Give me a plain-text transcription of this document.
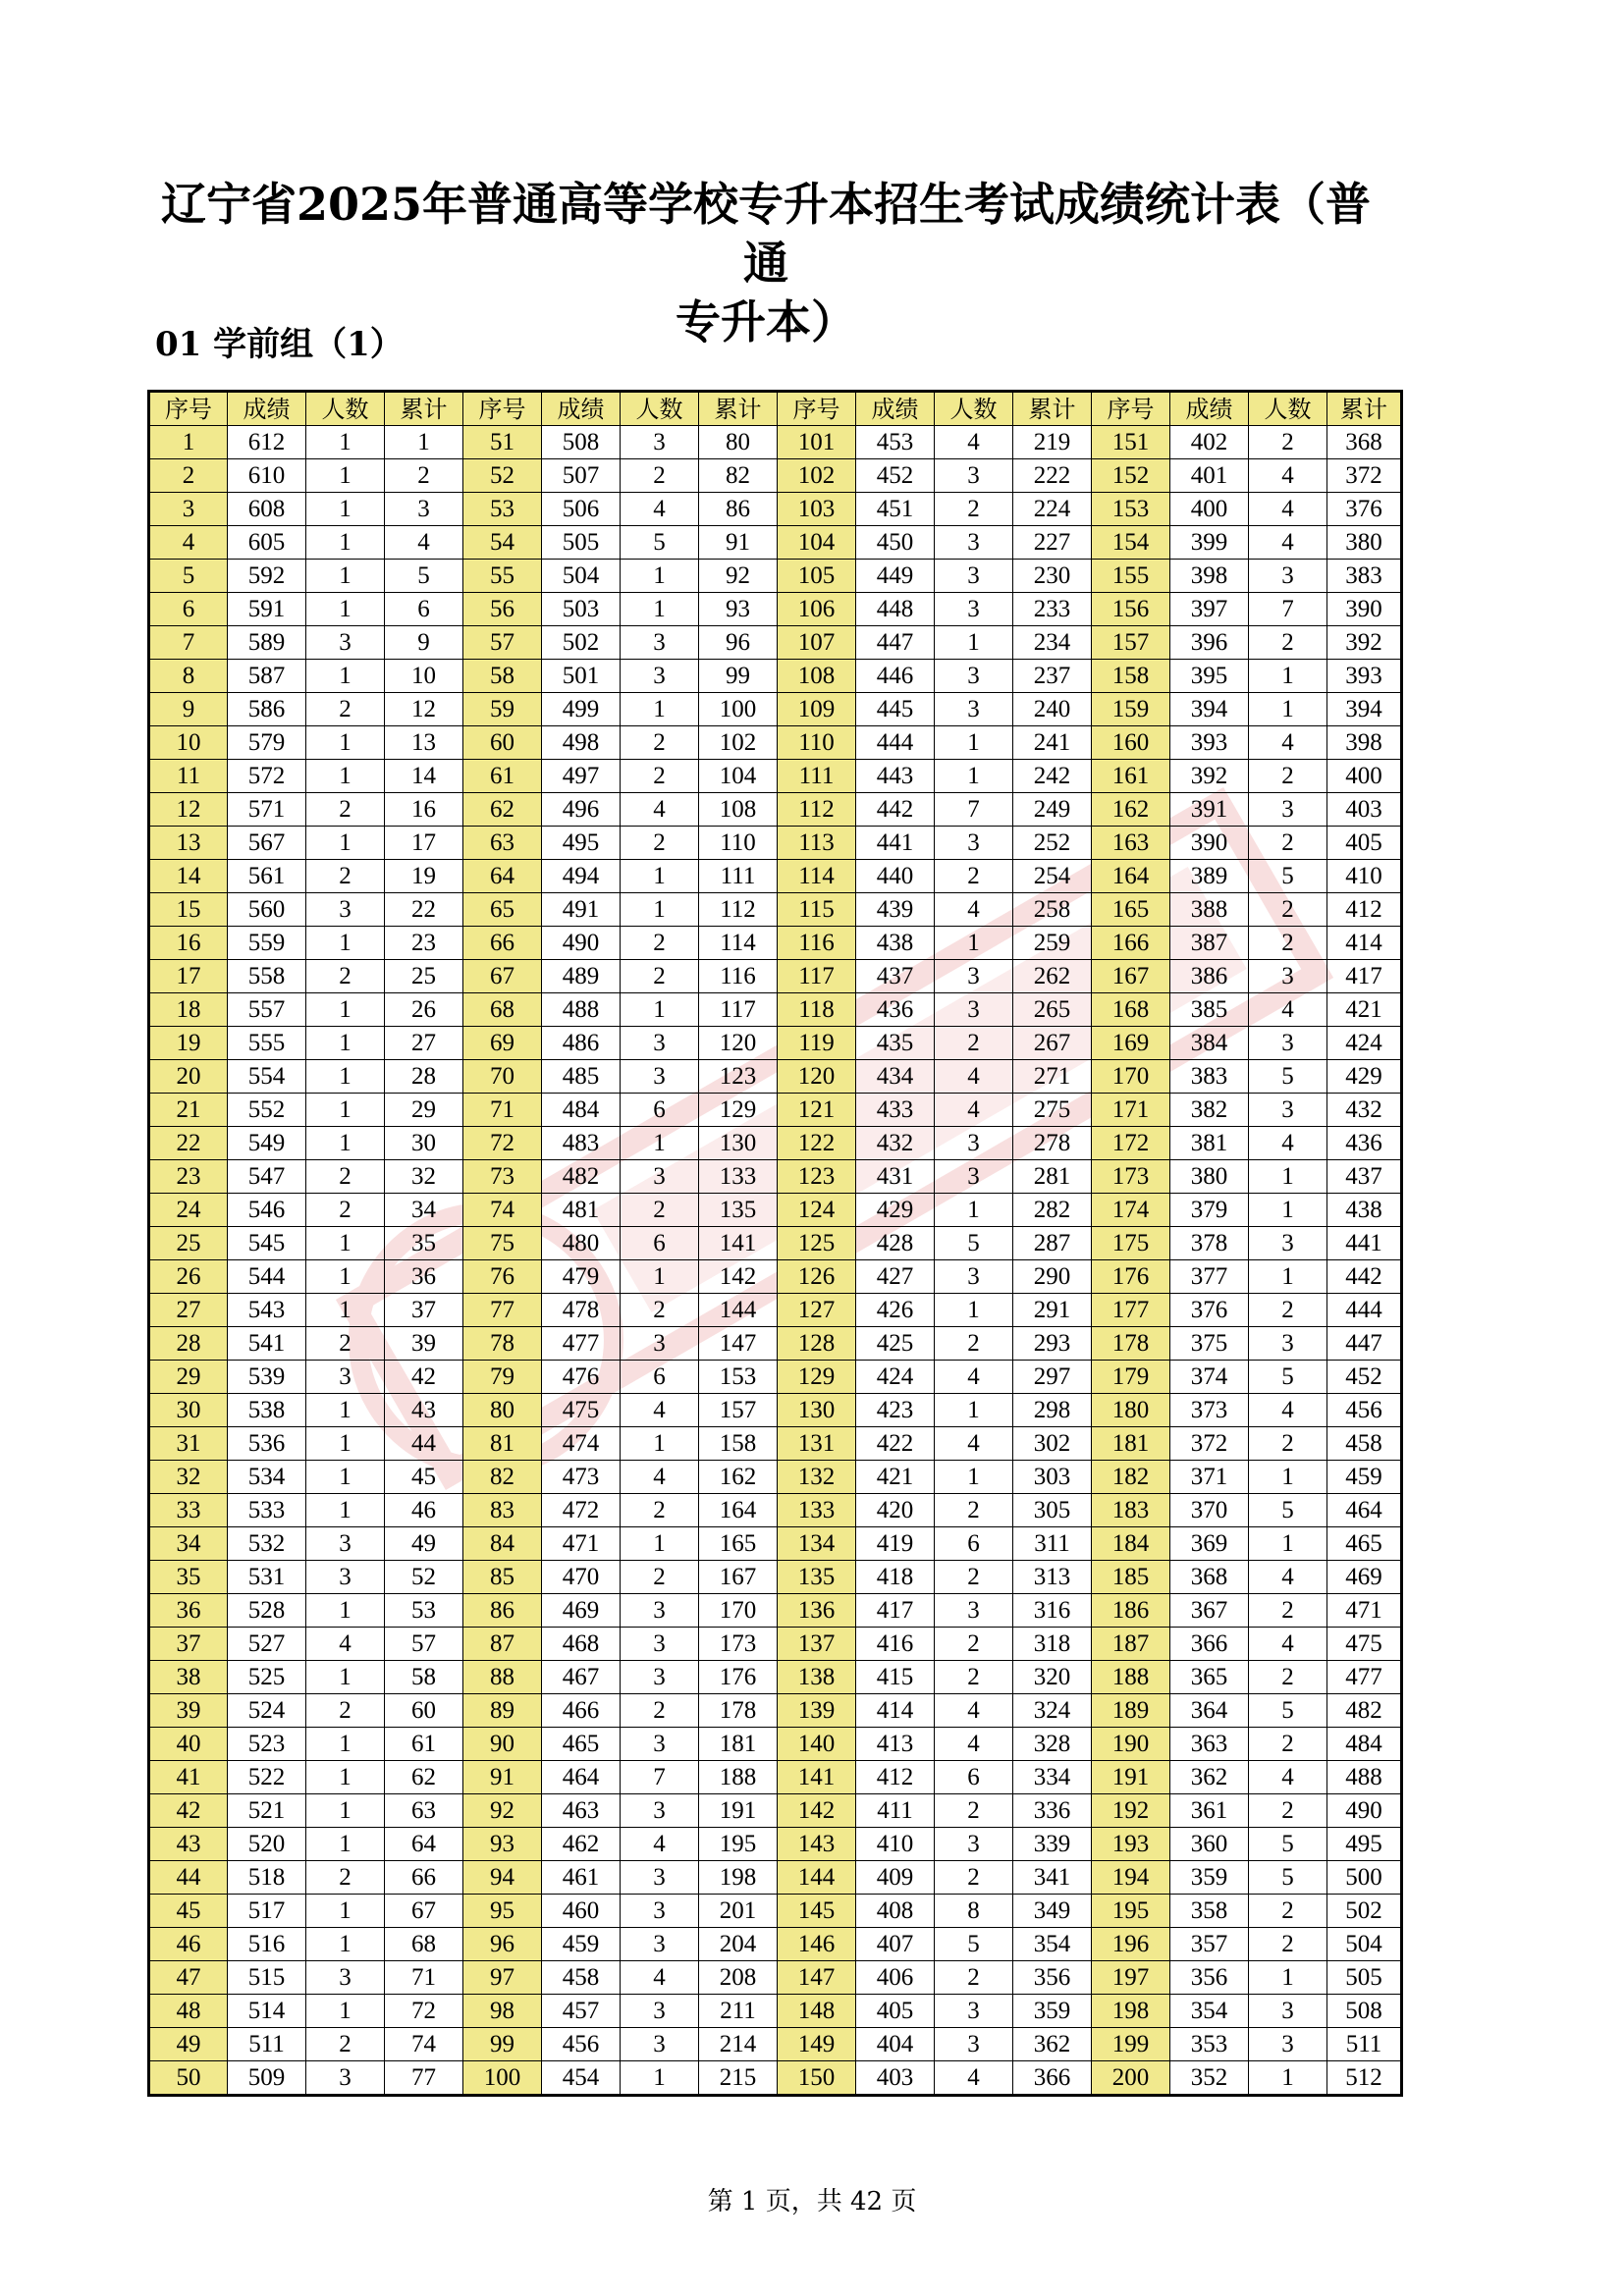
辽宁省2025年普通高等学校专升本招生考试成绩统计表（普通
专升本）
01 学前组（1）
序号	成绩	人数	累计	序号	成绩	人数	累计	序号	成绩	人数	累计	序号	成绩	人数	累计
1	612	1	1	51	508	3	80	101	453	4	219	151	402	2	368
2	610	1	2	52	507	2	82	102	452	3	222	152	401	4	372
3	608	1	3	53	506	4	86	103	451	2	224	153	400	4	376
4	605	1	4	54	505	5	91	104	450	3	227	154	399	4	380
5	592	1	5	55	504	1	92	105	449	3	230	155	398	3	383
6	591	1	6	56	503	1	93	106	448	3	233	156	397	7	390
7	589	3	9	57	502	3	96	107	447	1	234	157	396	2	392
8	587	1	10	58	501	3	99	108	446	3	237	158	395	1	393
9	586	2	12	59	499	1	100	109	445	3	240	159	394	1	394
10	579	1	13	60	498	2	102	110	444	1	241	160	393	4	398
11	572	1	14	61	497	2	104	111	443	1	242	161	392	2	400
12	571	2	16	62	496	4	108	112	442	7	249	162	391	3	403
13	567	1	17	63	495	2	110	113	441	3	252	163	390	2	405
14	561	2	19	64	494	1	111	114	440	2	254	164	389	5	410
15	560	3	22	65	491	1	112	115	439	4	258	165	388	2	412
16	559	1	23	66	490	2	114	116	438	1	259	166	387	2	414
17	558	2	25	67	489	2	116	117	437	3	262	167	386	3	417
18	557	1	26	68	488	1	117	118	436	3	265	168	385	4	421
19	555	1	27	69	486	3	120	119	435	2	267	169	384	3	424
20	554	1	28	70	485	3	123	120	434	4	271	170	383	5	429
21	552	1	29	71	484	6	129	121	433	4	275	171	382	3	432
22	549	1	30	72	483	1	130	122	432	3	278	172	381	4	436
23	547	2	32	73	482	3	133	123	431	3	281	173	380	1	437
24	546	2	34	74	481	2	135	124	429	1	282	174	379	1	438
25	545	1	35	75	480	6	141	125	428	5	287	175	378	3	441
26	544	1	36	76	479	1	142	126	427	3	290	176	377	1	442
27	543	1	37	77	478	2	144	127	426	1	291	177	376	2	444
28	541	2	39	78	477	3	147	128	425	2	293	178	375	3	447
29	539	3	42	79	476	6	153	129	424	4	297	179	374	5	452
30	538	1	43	80	475	4	157	130	423	1	298	180	373	4	456
31	536	1	44	81	474	1	158	131	422	4	302	181	372	2	458
32	534	1	45	82	473	4	162	132	421	1	303	182	371	1	459
33	533	1	46	83	472	2	164	133	420	2	305	183	370	5	464
34	532	3	49	84	471	1	165	134	419	6	311	184	369	1	465
35	531	3	52	85	470	2	167	135	418	2	313	185	368	4	469
36	528	1	53	86	469	3	170	136	417	3	316	186	367	2	471
37	527	4	57	87	468	3	173	137	416	2	318	187	366	4	475
38	525	1	58	88	467	3	176	138	415	2	320	188	365	2	477
39	524	2	60	89	466	2	178	139	414	4	324	189	364	5	482
40	523	1	61	90	465	3	181	140	413	4	328	190	363	2	484
41	522	1	62	91	464	7	188	141	412	6	334	191	362	4	488
42	521	1	63	92	463	3	191	142	411	2	336	192	361	2	490
43	520	1	64	93	462	4	195	143	410	3	339	193	360	5	495
44	518	2	66	94	461	3	198	144	409	2	341	194	359	5	500
45	517	1	67	95	460	3	201	145	408	8	349	195	358	2	502
46	516	1	68	96	459	3	204	146	407	5	354	196	357	2	504
47	515	3	71	97	458	4	208	147	406	2	356	197	356	1	505
48	514	1	72	98	457	3	211	148	405	3	359	198	354	3	508
49	511	2	74	99	456	3	214	149	404	3	362	199	353	3	511
50	509	3	77	100	454	1	215	150	403	4	366	200	352	1	512
第 1 页，共 42 页
